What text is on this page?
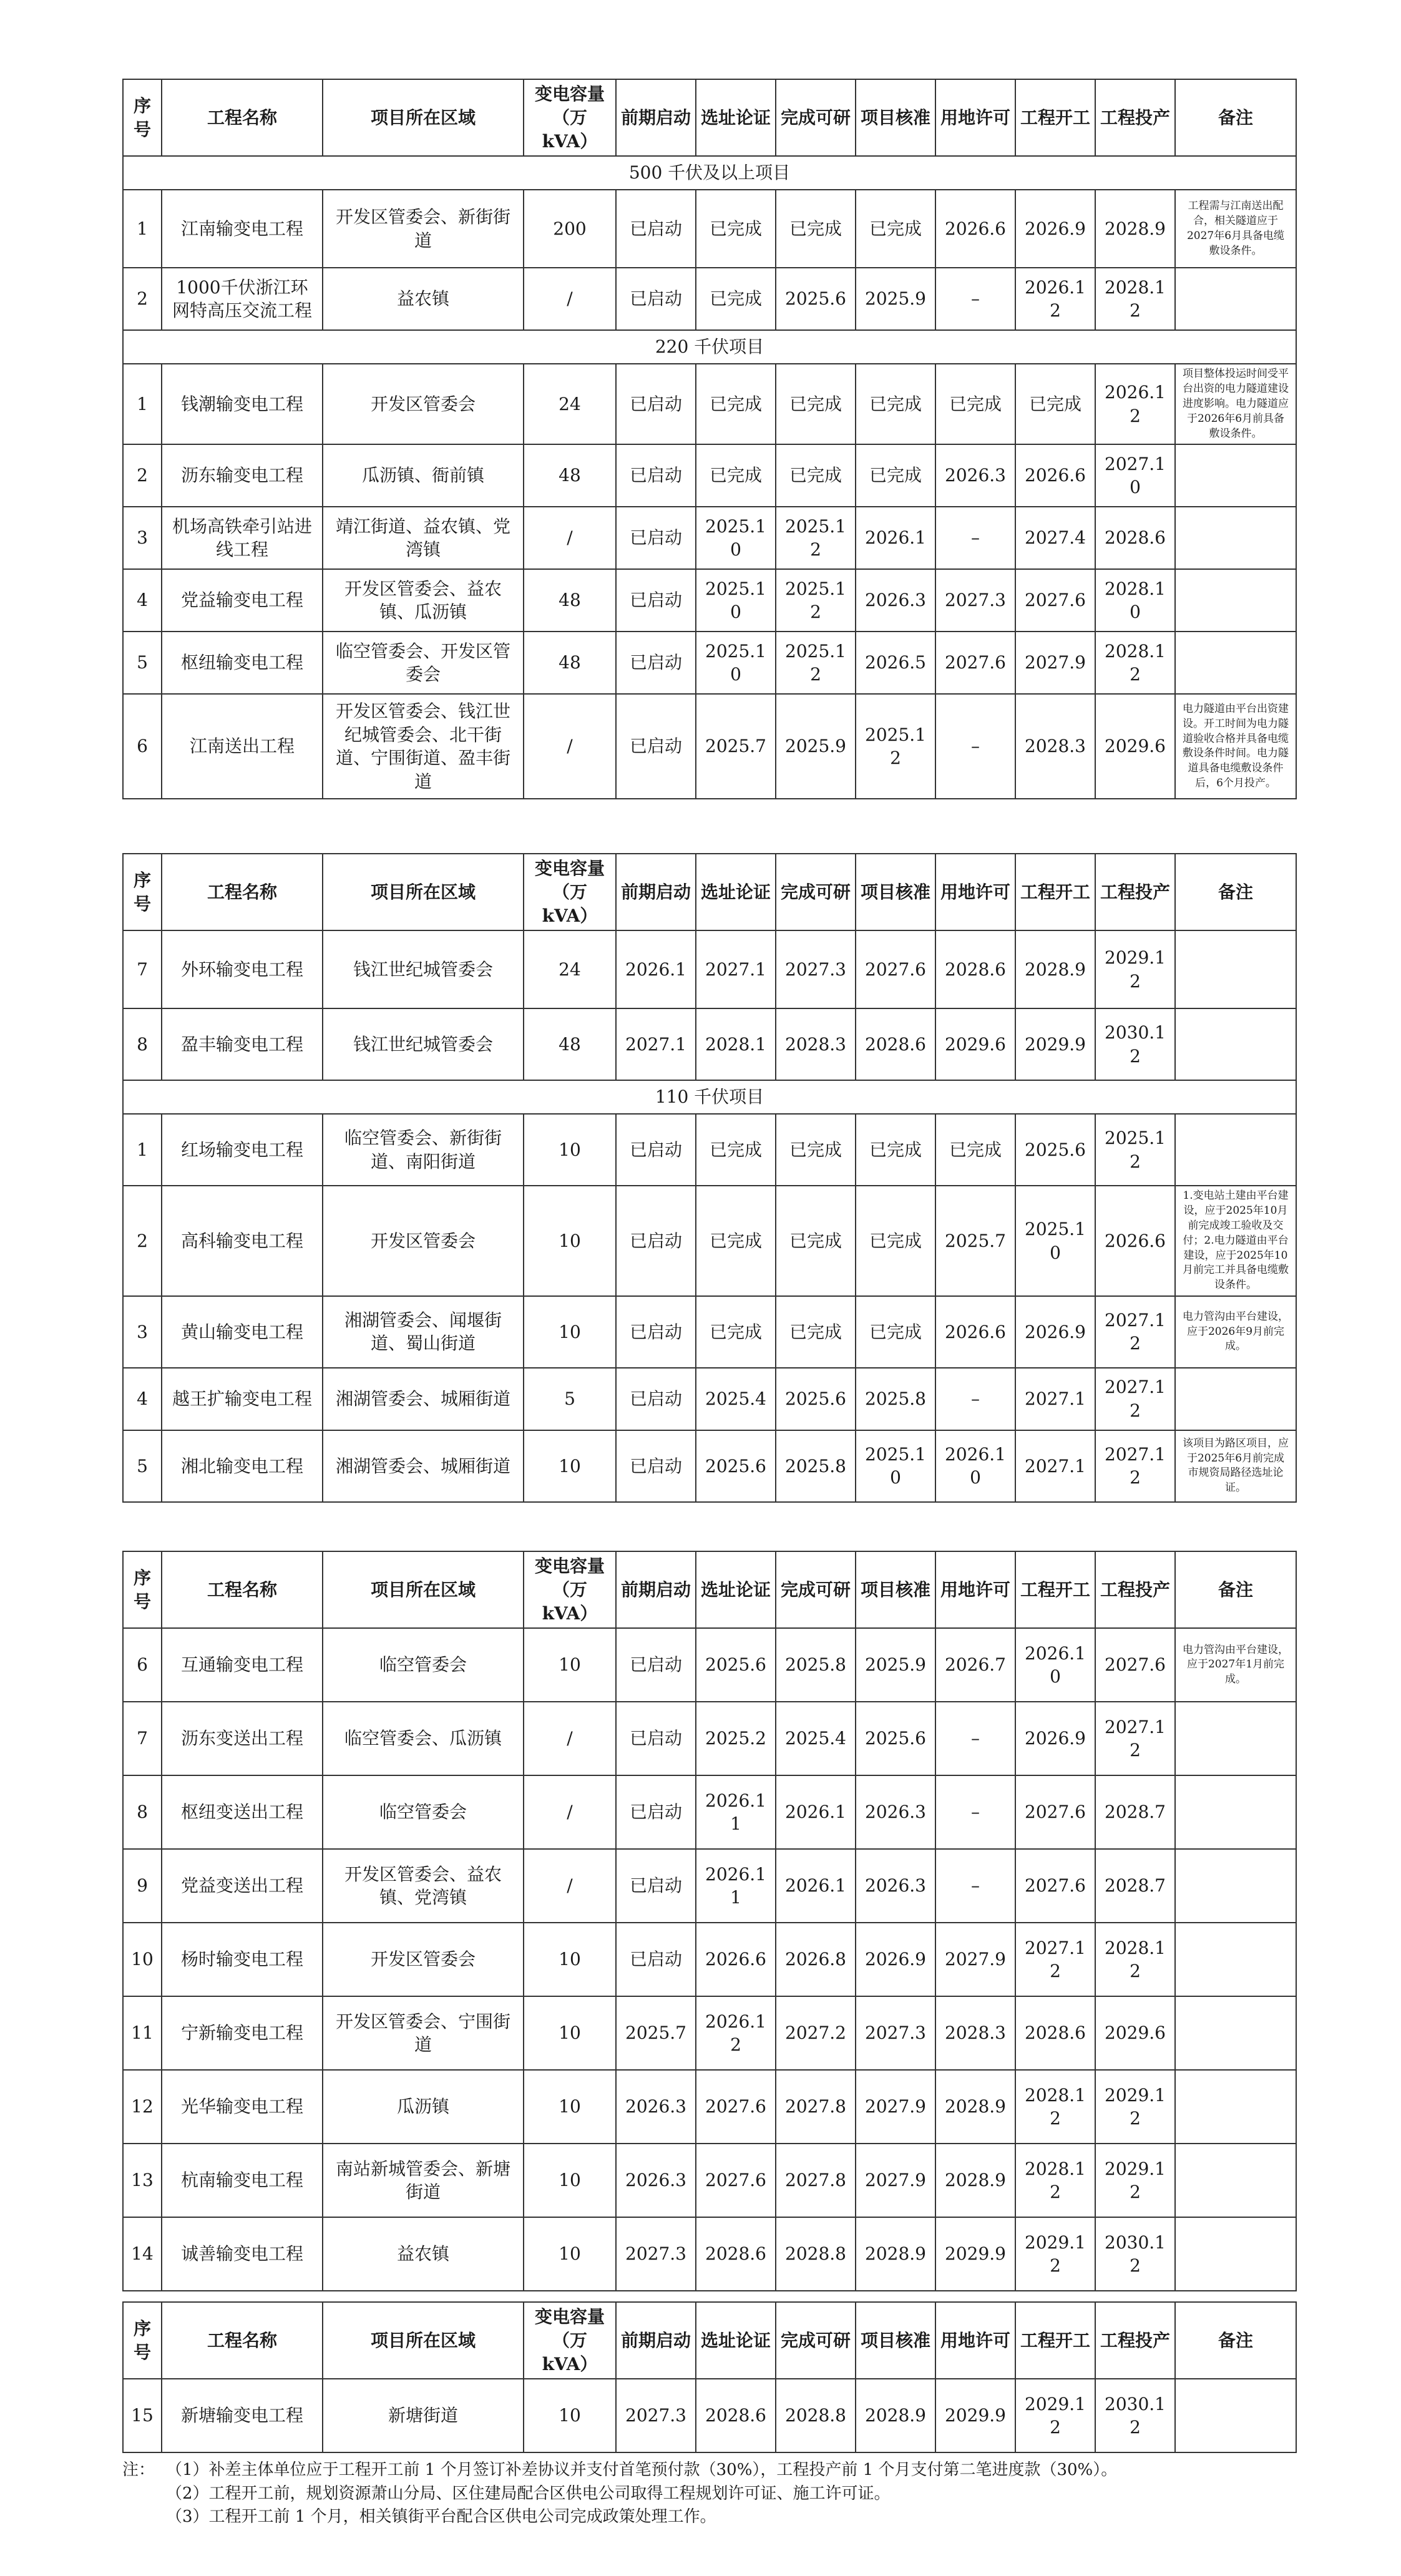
序号	工程名称	项目所在区域	变电容量（万 kVA）	前期启动	选址论证	完成可研	项目核准	用地许可	工程开工	工程投产	备注
500 千伏及以上项目											
1	江南输变电工程	开发区管委会、新街街道	200	已启动	已完成	已完成	已完成	2026.6	2026.9	2028.9	工程需与江南送出配合，相关隧道应于2027年6月具备电缆敷设条件。
2	1000千伏浙江环网特高压交流工程	益农镇	/	已启动	已完成	2025.6	2025.9	–	2026.12	2028.12	
220 千伏项目											
1	钱潮输变电工程	开发区管委会	24	已启动	已完成	已完成	已完成	已完成	已完成	2026.12	项目整体投运时间受平台出资的电力隧道建设进度影响。电力隧道应于2026年6月前具备敷设条件。
2	沥东输变电工程	瓜沥镇、衙前镇	48	已启动	已完成	已完成	已完成	2026.3	2026.6	2027.10	
3	机场高铁牵引站进线工程	靖江街道、益农镇、党湾镇	/	已启动	2025.10	2025.12	2026.1	–	2027.4	2028.6	
4	党益输变电工程	开发区管委会、益农镇、瓜沥镇	48	已启动	2025.10	2025.12	2026.3	2027.3	2027.6	2028.10	
5	枢纽输变电工程	临空管委会、开发区管委会	48	已启动	2025.10	2025.12	2026.5	2027.6	2027.9	2028.12	
6	江南送出工程	开发区管委会、钱江世纪城管委会、北干街道、宁围街道、盈丰街道	/	已启动	2025.7	2025.9	2025.12	–	2028.3	2029.6	电力隧道由平台出资建设。开工时间为电力隧道验收合格并具备电缆敷设条件时间。电力隧道具备电缆敷设条件后，6个月投产。
序号	工程名称	项目所在区域	变电容量（万 kVA）	前期启动	选址论证	完成可研	项目核准	用地许可	工程开工	工程投产	备注
7	外环输变电工程	钱江世纪城管委会	24	2026.1	2027.1	2027.3	2027.6	2028.6	2028.9	2029.12	
8	盈丰输变电工程	钱江世纪城管委会	48	2027.1	2028.1	2028.3	2028.6	2029.6	2029.9	2030.12	
110 千伏项目											
1	红场输变电工程	临空管委会、新街街道、南阳街道	10	已启动	已完成	已完成	已完成	已完成	2025.6	2025.12	
2	高科输变电工程	开发区管委会	10	已启动	已完成	已完成	已完成	2025.7	2025.10	2026.6	1.变电站土建由平台建设，应于2025年10月前完成竣工验收及交付；2.电力隧道由平台建设，应于2025年10月前完工并具备电缆敷设条件。
3	黄山输变电工程	湘湖管委会、闻堰街道、蜀山街道	10	已启动	已完成	已完成	已完成	2026.6	2026.9	2027.12	电力管沟由平台建设，应于2026年9月前完成。
4	越王扩输变电工程	湘湖管委会、城厢街道	5	已启动	2025.4	2025.6	2025.8	–	2027.1	2027.12	
5	湘北输变电工程	湘湖管委会、城厢街道	10	已启动	2025.6	2025.8	2025.10	2026.10	2027.1	2027.12	该项目为路区项目，应于2025年6月前完成市规资局路径选址论证。
序号	工程名称	项目所在区域	变电容量（万 kVA）	前期启动	选址论证	完成可研	项目核准	用地许可	工程开工	工程投产	备注
6	互通输变电工程	临空管委会	10	已启动	2025.6	2025.8	2025.9	2026.7	2026.10	2027.6	电力管沟由平台建设，应于2027年1月前完成。
7	沥东变送出工程	临空管委会、瓜沥镇	/	已启动	2025.2	2025.4	2025.6	–	2026.9	2027.12	
8	枢纽变送出工程	临空管委会	/	已启动	2026.11	2026.1	2026.3	–	2027.6	2028.7	
9	党益变送出工程	开发区管委会、益农镇、党湾镇	/	已启动	2026.11	2026.1	2026.3	–	2027.6	2028.7	
10	杨时输变电工程	开发区管委会	10	已启动	2026.6	2026.8	2026.9	2027.9	2027.12	2028.12	
11	宁新输变电工程	开发区管委会、宁围街道	10	2025.7	2026.12	2027.2	2027.3	2028.3	2028.6	2029.6	
12	光华输变电工程	瓜沥镇	10	2026.3	2027.6	2027.8	2027.9	2028.9	2028.12	2029.12	
13	杭南输变电工程	南站新城管委会、新塘街道	10	2026.3	2027.6	2027.8	2027.9	2028.9	2028.12	2029.12	
14	诚善输变电工程	益农镇	10	2027.3	2028.6	2028.8	2028.9	2029.9	2029.12	2030.12	
序号	工程名称	项目所在区域	变电容量（万 kVA）	前期启动	选址论证	完成可研	项目核准	用地许可	工程开工	工程投产	备注
15	新塘输变电工程	新塘街道	10	2027.3	2028.6	2028.8	2028.9	2029.9	2029.12	2030.12	
注： （1）补差主体单位应于工程开工前 1 个月签订补差协议并支付首笔预付款（30%），工程投产前 1 个月支付第二笔进度款（30%）。
（2）工程开工前，规划资源萧山分局、区住建局配合区供电公司取得工程规划许可证、施工许可证。
（3）工程开工前 1 个月，相关镇街平台配合区供电公司完成政策处理工作。
